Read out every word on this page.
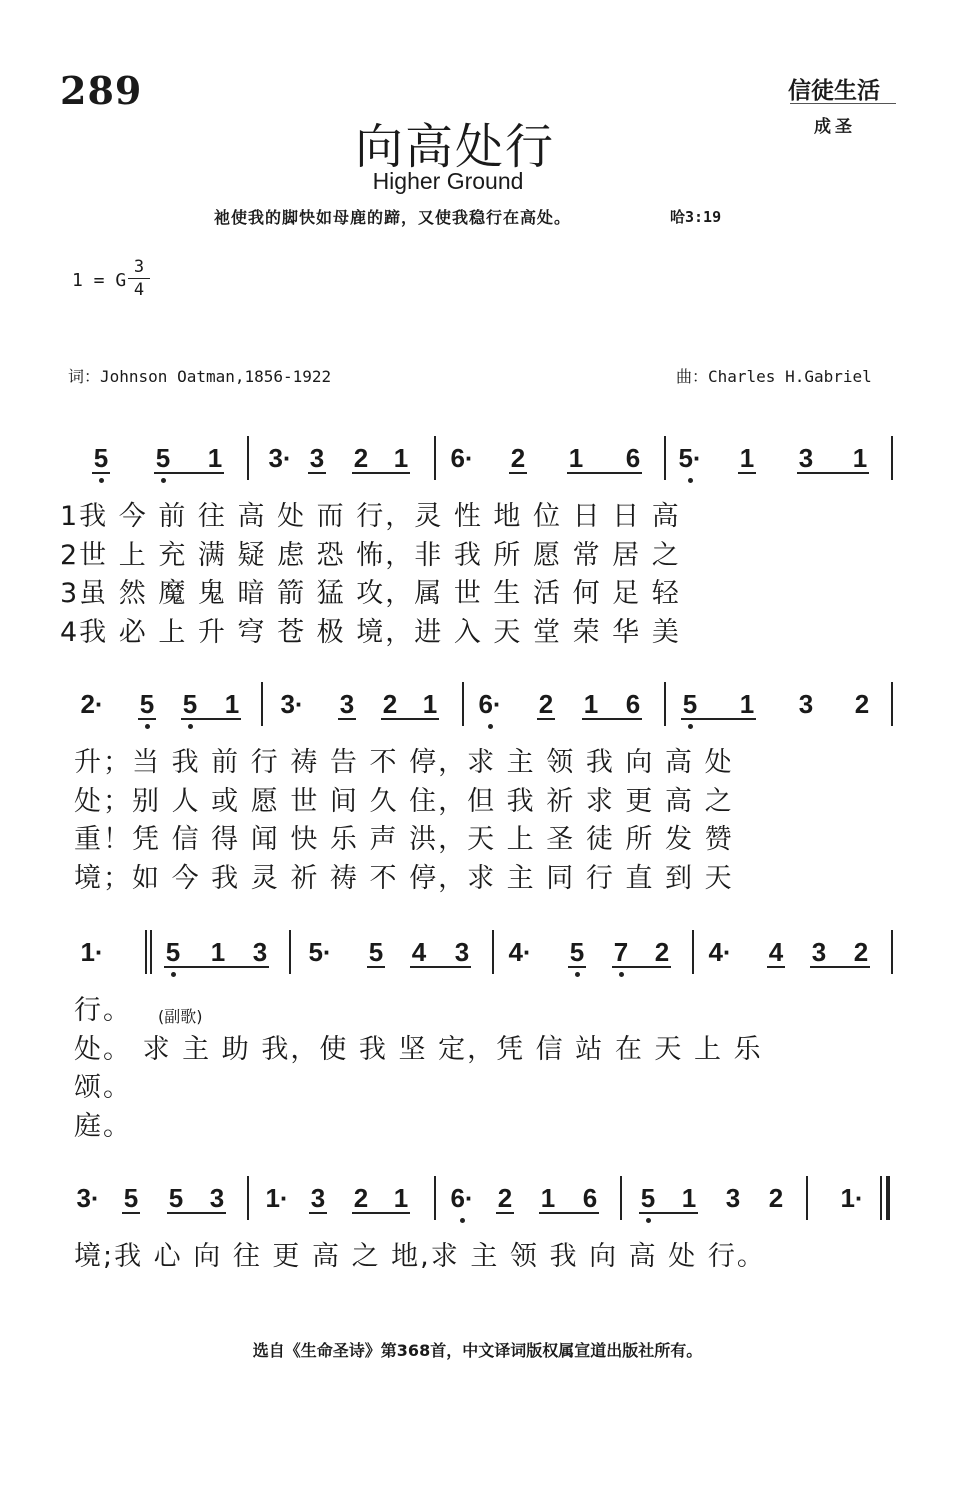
289	信徒生活
成圣
向高处行
Higher Ground
祂使我的脚快如母鹿的蹄，又使我稳行在高处。	哈3:19
1 = G
3
4
词：Johnson Oatman,1856-1922	曲：Charles H.Gabriel
5 5 1 3· 3 2 1 6· 2 1 6 5· 1 3 1
1我 今 前 往 高 处 而 行，灵 性 地 位 日 日 高
2世 上 充 满 疑 虑 恐 怖，非 我 所 愿 常 居 之
3虽 然 魔 鬼 暗 箭 猛 攻，属 世 生 活 何 足 轻
4我 必 上 升 穹 苍 极 境，进 入 天 堂 荣 华 美
2· 5 5 1 3· 3 2 1 6· 2 1 6 5 1 3 2
升；当 我 前 行 祷 告 不 停，求 主 领 我 向 高 处
处；别 人 或 愿 世 间 久 住，但 我 祈 求 更 高 之
重！凭 信 得 闻 快 乐 声 洪，天 上 圣 徒 所 发 赞
境；如 今 我 灵 祈 祷 不 停，求 主 同 行 直 到 天
1· 5 1 3 5· 5 4 3 4· 5 7 2 4· 4 3 2
行。
处。 求 主 助 我，使 我 坚 定，凭 信 站 在 天 上 乐
颂。
庭。
(副歌)
3· 5 5 3 1· 3 2 1 6· 2 1 6 5 1 3 2 1·
境;我 心 向 往 更 高 之 地,求 主 领 我 向 高 处 行。
选自《生命圣诗》第368首，中文译词版权属宣道出版社所有。
